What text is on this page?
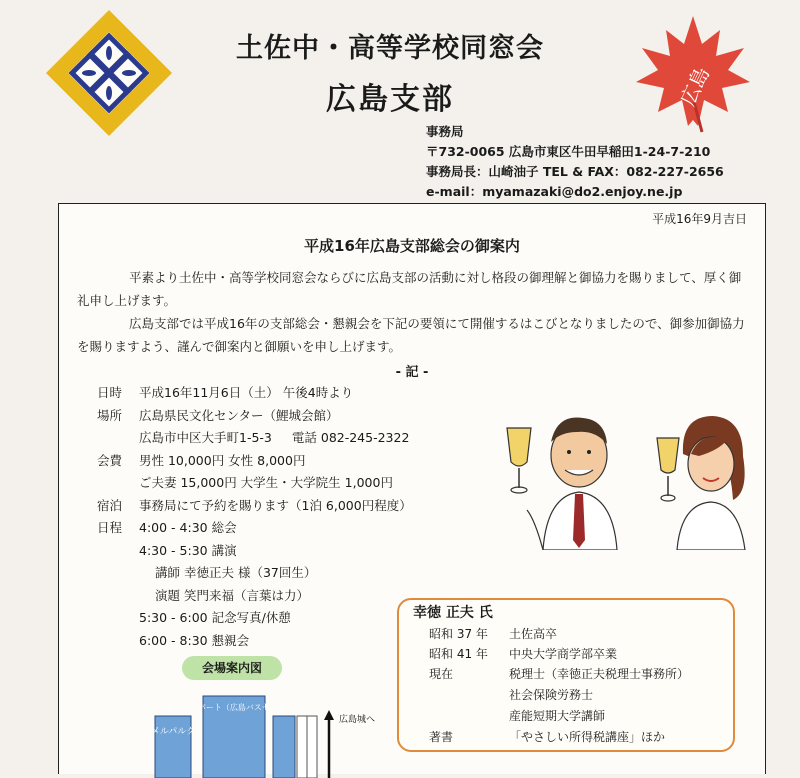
土佐中・高等学校同窓会
広島支部	広島
事務局
〒732-0065 広島市東区牛田早稲田1-24-7-210
事務局長：山崎油子 TEL & FAX：082-227-2656
e-mail：myamazaki@do2.enjoy.ne.jp
平成16年9月吉日
平成16年広島支部総会の御案内
平素より土佐中・高等学校同窓会ならびに広島支部の活動に対し格段の御理解と御協力を賜りまして、厚く御礼申し上げます。
広島支部では平成16年の支部総会・懇親会を下記の要領にて開催するはこびとなりましたので、御参加御協力を賜りますよう、謹んで御案内と御願いを申し上げます。
- 記 -
日時 平成16年11月6日（土） 午後4時より
場所 広島県民文化センター（鯉城会館）
広島市中区大手町1-5-3 電話 082-245-2322
会費 男性 10,000円 女性 8,000円
ご夫妻 15,000円 大学生・大学院生 1,000円
宿泊 事務局にて予約を賜ります（1泊 6,000円程度）
日程 4:00 - 4:30 総会
4:30 - 5:30 講演
講師 幸徳正夫 様（37回生）
演題 笑門来福（言葉は力）
5:30 - 6:00 記念写真/休憩
6:00 - 8:30 懇親会
会場案内図
メルパルク
そごうデパート（広島バスセンター）
広島城へ
幸徳 正夫 氏
昭和 37 年 土佐高卒
昭和 41 年 中央大学商学部卒業
現在	税理士（幸徳正夫税理士事務所）
社会保険労務士
産能短期大学講師
著書	「やさしい所得税講座」ほか
